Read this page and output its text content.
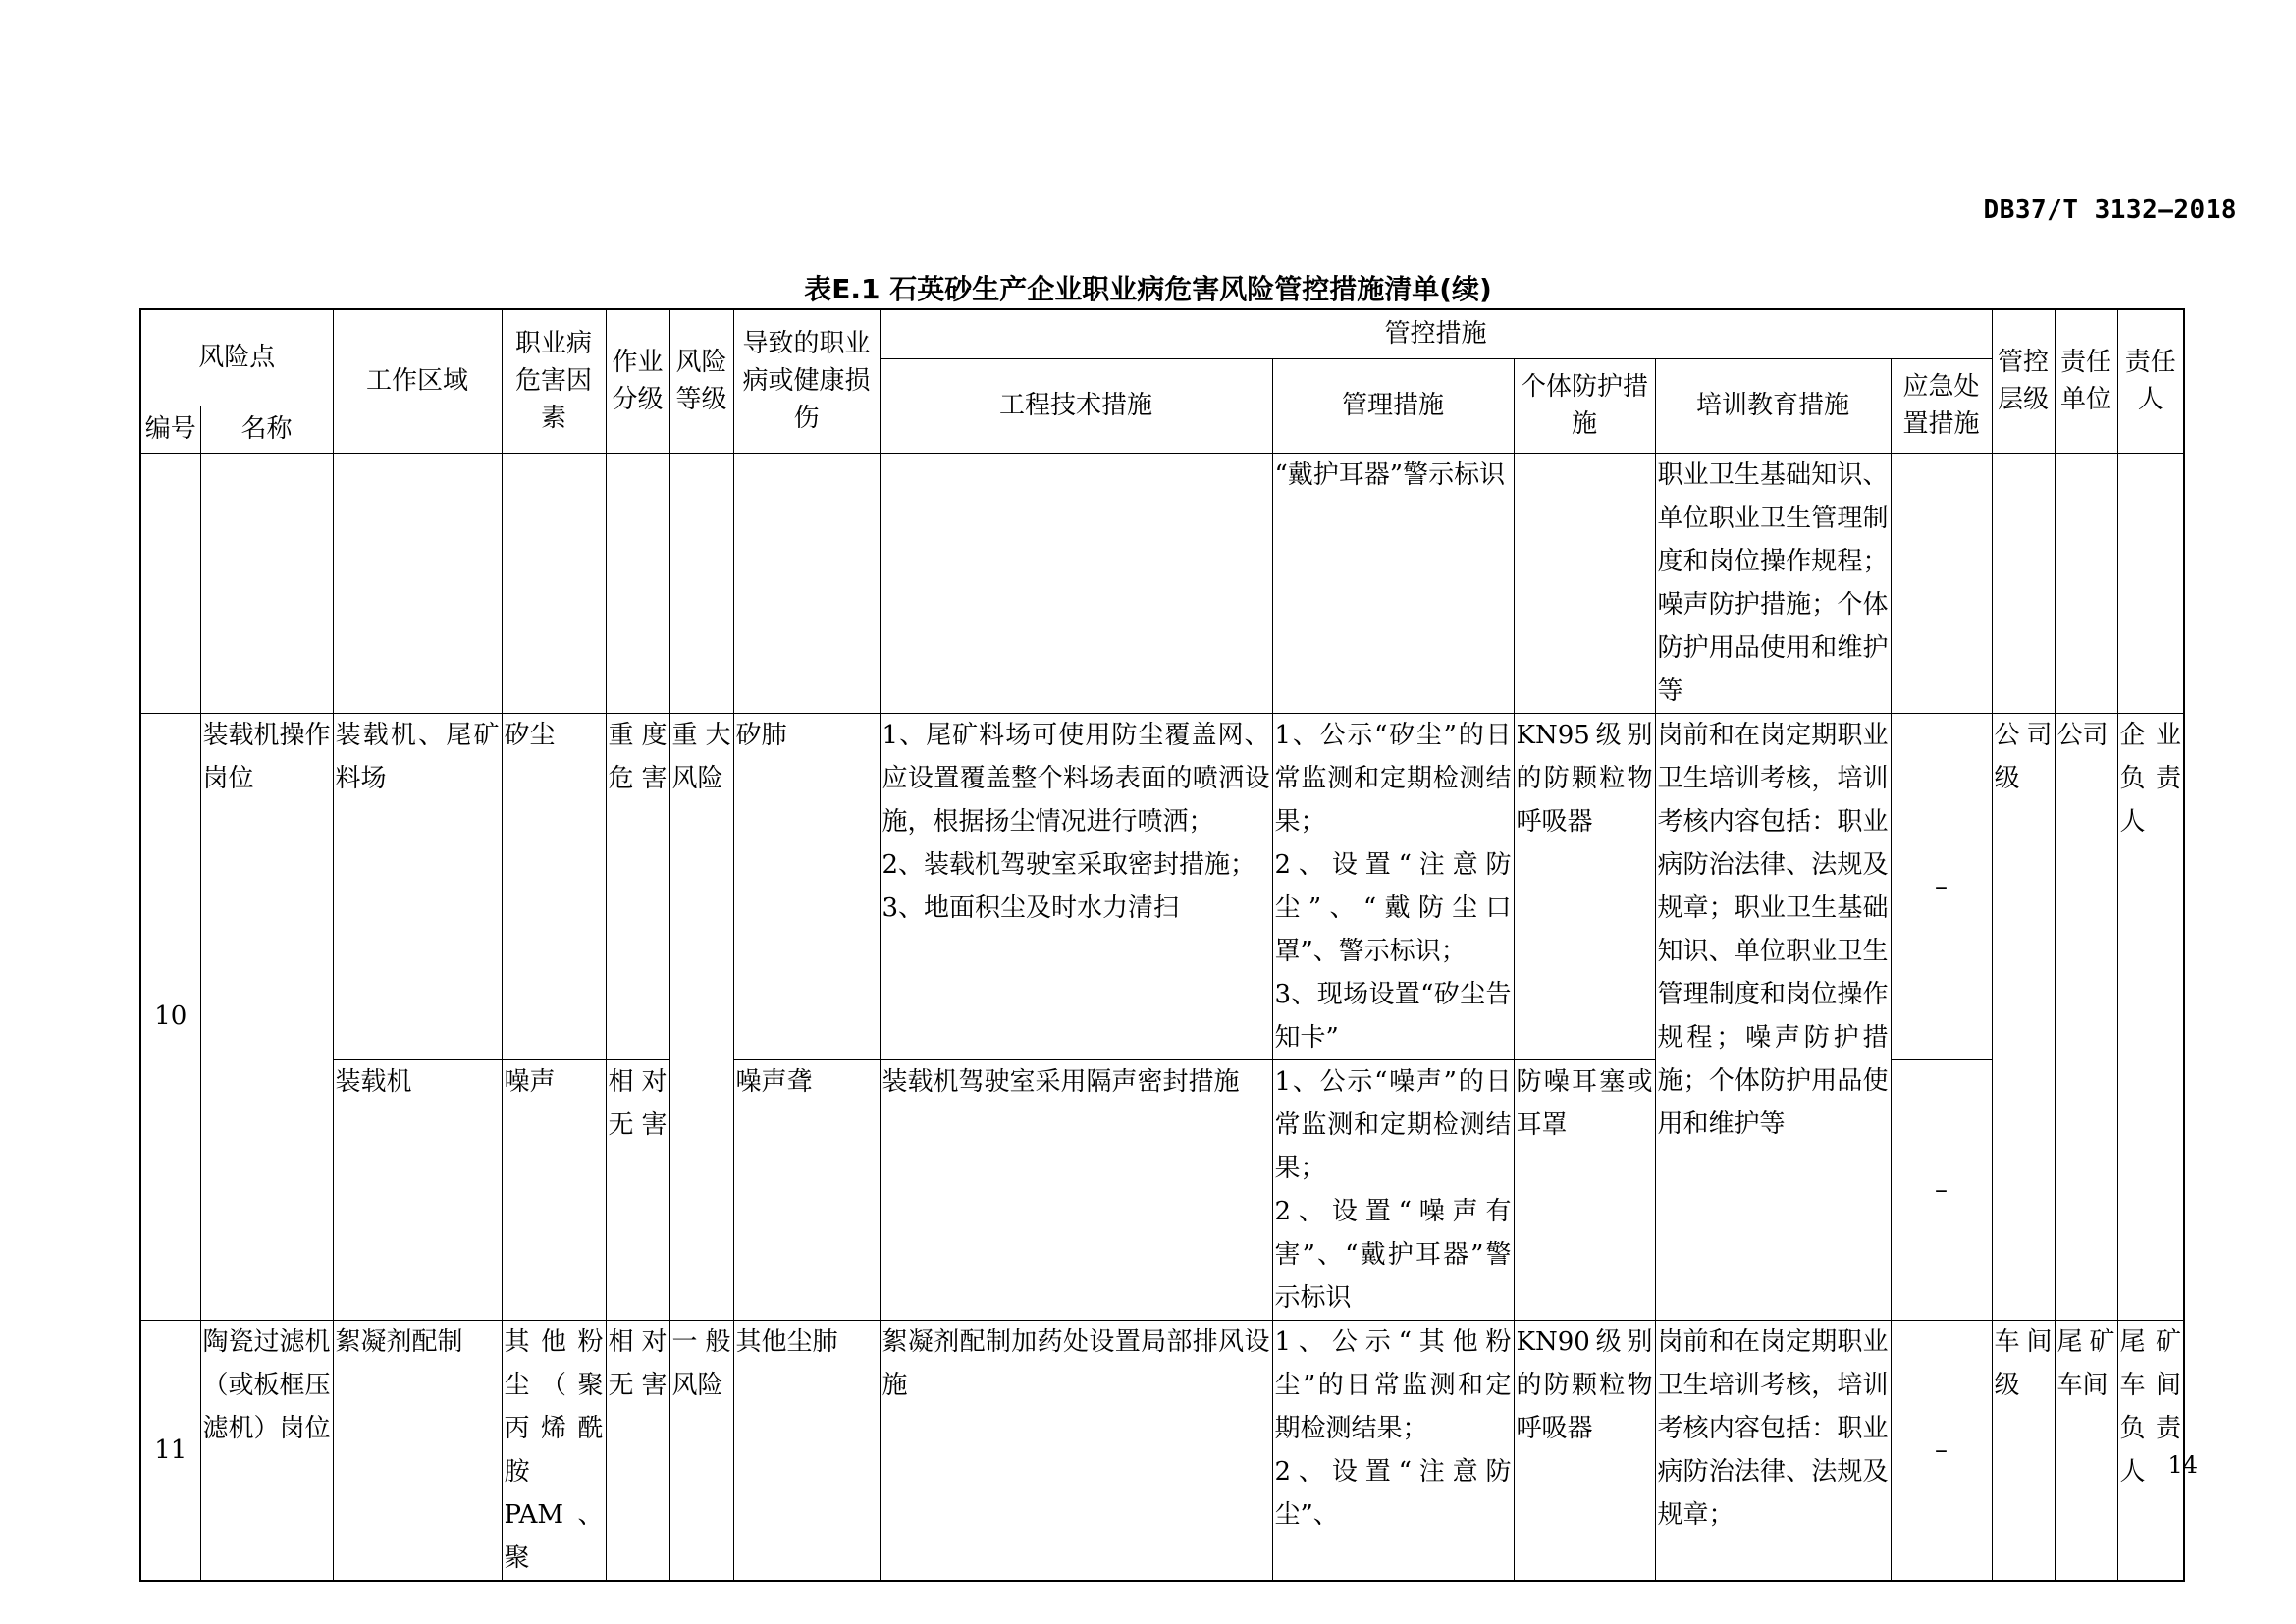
DB37/T 3132—2018
表E.1 石英砂生产企业职业病危害风险管控措施清单(续)
风险点		工作区域	职业病危害因素	作业分级	风险等级	导致的职业病或健康损伤	管控措施					管控层级	责任单位	责任人
							工程技术措施	管理措施	个体防护措施	培训教育措施	应急处置措施			
编号	名称													
								“戴护耳器”警示标识		职业卫生基础知识、单位职业卫生管理制度和岗位操作规程；噪声防护措施；个体防护用品使用和维护等				
10	装载机操作岗位	装载机、尾矿料场	矽尘	重度危害	重大风险	矽肺	1、尾矿料场可使用防尘覆盖网、应设置覆盖整个料场表面的喷洒设施，根据扬尘情况进行喷洒；
2、装载机驾驶室采取密封措施；
3、地面积尘及时水力清扫	1、公示“矽尘”的日常监测和定期检测结果；
2、设置“注意防尘”、“戴防尘口罩”、警示标识；
3、现场设置“矽尘告知卡”	KN95级别的防颗粒物呼吸器	岗前和在岗定期职业卫生培训考核，培训考核内容包括：职业病防治法律、法规及规章；职业卫生基础知识、单位职业卫生管理制度和岗位操作规程；噪声防护措施；个体防护用品使用和维护等	–	公司级	公司	企业负责人
		装载机	噪声	相对无害		噪声聋	装载机驾驶室采用隔声密封措施	1、公示“噪声”的日常监测和定期检测结果；
2、设置“噪声有害”、“戴护耳器”警示标识	防噪耳塞或耳罩		–			
11	陶瓷过滤机（或板框压滤机）岗位	絮凝剂配制	其他粉尘（聚丙烯酰胺PAM、聚	相对无害	一般风险	其他尘肺	絮凝剂配制加药处设置局部排风设施	1、公示“其他粉尘”的日常监测和定期检测结果；
2、设置“注意防尘”、	KN90级别的防颗粒物呼吸器	岗前和在岗定期职业卫生培训考核，培训考核内容包括：职业病防治法律、法规及规章；	–	车间级	尾矿车间	尾矿车间负责人 14
